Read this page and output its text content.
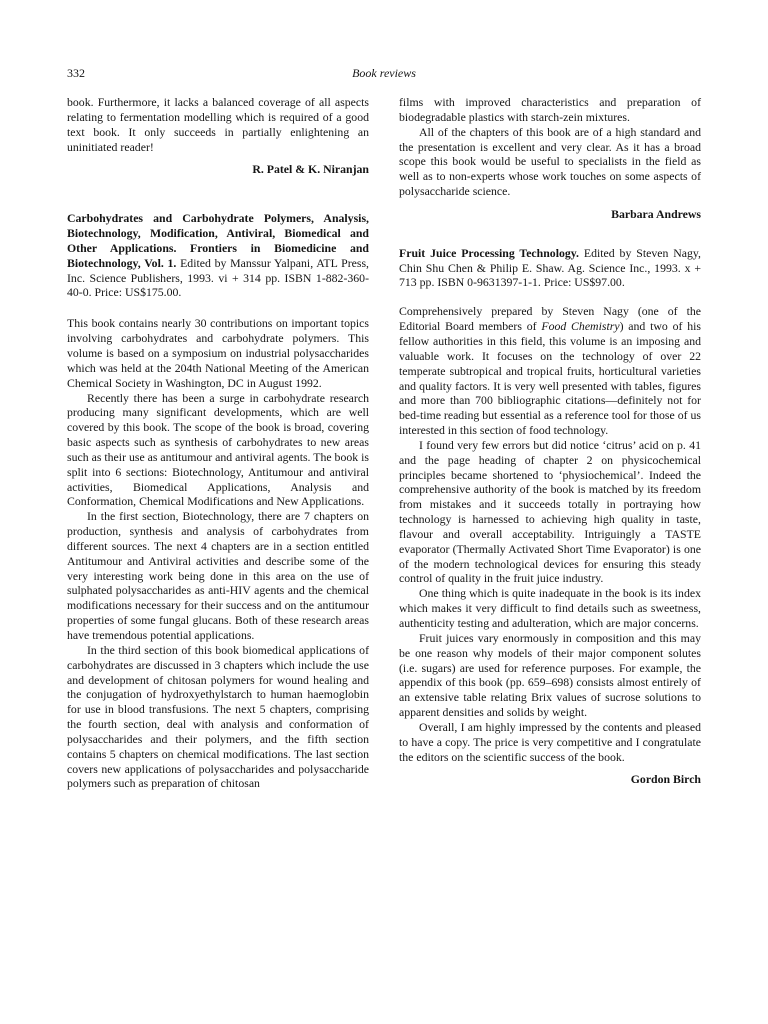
332	Book reviews

book. Furthermore, it lacks a balanced coverage of all aspects relating to fermentation modelling which is required of a good text book. It only succeeds in partially enlightening an uninitiated reader!

R. Patel & K. Niranjan

Carbohydrates and Carbohydrate Polymers, Analysis, Biotechnology, Modification, Antiviral, Biomedical and Other Applications. Frontiers in Biomedicine and Biotechnology, Vol. 1. Edited by Manssur Yalpani, ATL Press, Inc. Science Publishers, 1993. vi + 314 pp. ISBN 1-882-360-40-0. Price: US$175.00.

This book contains nearly 30 contributions on important topics involving carbohydrates and carbohydrate polymers. This volume is based on a symposium on industrial polysaccharides which was held at the 204th National Meeting of the American Chemical Society in Washington, DC in August 1992.

Recently there has been a surge in carbohydrate research producing many significant developments, which are well covered by this book. The scope of the book is broad, covering basic aspects such as synthesis of carbohydrates to new areas such as their use as antitumour and antiviral agents. The book is split into 6 sections: Biotechnology, Antitumour and antiviral activities, Biomedical Applications, Analysis and Conformation, Chemical Modifications and New Applications.

In the first section, Biotechnology, there are 7 chapters on production, synthesis and analysis of carbohydrates from different sources. The next 4 chapters are in a section entitled Antitumour and Antiviral activities and describe some of the very interesting work being done in this area on the use of sulphated polysaccharides as anti-HIV agents and the chemical modifications necessary for their success and on the antitumour properties of some fungal glucans. Both of these research areas have tremendous potential applications.

In the third section of this book biomedical applications of carbohydrates are discussed in 3 chapters which include the use and development of chitosan polymers for wound healing and the conjugation of hydroxyethylstarch to human haemoglobin for use in blood transfusions. The next 5 chapters, comprising the fourth section, deal with analysis and conformation of polysaccharides and their polymers, and the fifth section contains 5 chapters on chemical modifications. The last section covers new applications of polysaccharides and polysaccharide polymers such as preparation of chitosan

films with improved characteristics and preparation of biodegradable plastics with starch-zein mixtures.

All of the chapters of this book are of a high standard and the presentation is excellent and very clear. As it has a broad scope this book would be useful to specialists in the field as well as to non-experts whose work touches on some aspects of polysaccharide science.

Barbara Andrews

Fruit Juice Processing Technology. Edited by Steven Nagy, Chin Shu Chen & Philip E. Shaw. Ag. Science Inc., 1993. x + 713 pp. ISBN 0-9631397-1-1. Price: US$97.00.

Comprehensively prepared by Steven Nagy (one of the Editorial Board members of Food Chemistry) and two of his fellow authorities in this field, this volume is an imposing and valuable work. It focuses on the technology of over 22 temperate subtropical and tropical fruits, horticultural varieties and quality factors. It is very well presented with tables, figures and more than 700 bibliographic citations—definitely not for bed-time reading but essential as a reference tool for those of us interested in this section of food technology.

I found very few errors but did notice ‘citrus’ acid on p. 41 and the page heading of chapter 2 on physicochemical principles became shortened to ‘physiochemical’. Indeed the comprehensive authority of the book is matched by its freedom from mistakes and it succeeds totally in portraying how technology is harnessed to achieving high quality in taste, flavour and overall acceptability. Intriguingly a TASTE evaporator (Thermally Activated Short Time Evaporator) is one of the modern technological devices for ensuring this steady control of quality in the fruit juice industry.

One thing which is quite inadequate in the book is its index which makes it very difficult to find details such as sweetness, authenticity testing and adulteration, which are major concerns.

Fruit juices vary enormously in composition and this may be one reason why models of their major component solutes (i.e. sugars) are used for reference purposes. For example, the appendix of this book (pp. 659–698) consists almost entirely of an extensive table relating Brix values of sucrose solutions to apparent densities and solids by weight.

Overall, I am highly impressed by the contents and pleased to have a copy. The price is very competitive and I congratulate the editors on the scientific success of the book.

Gordon Birch
